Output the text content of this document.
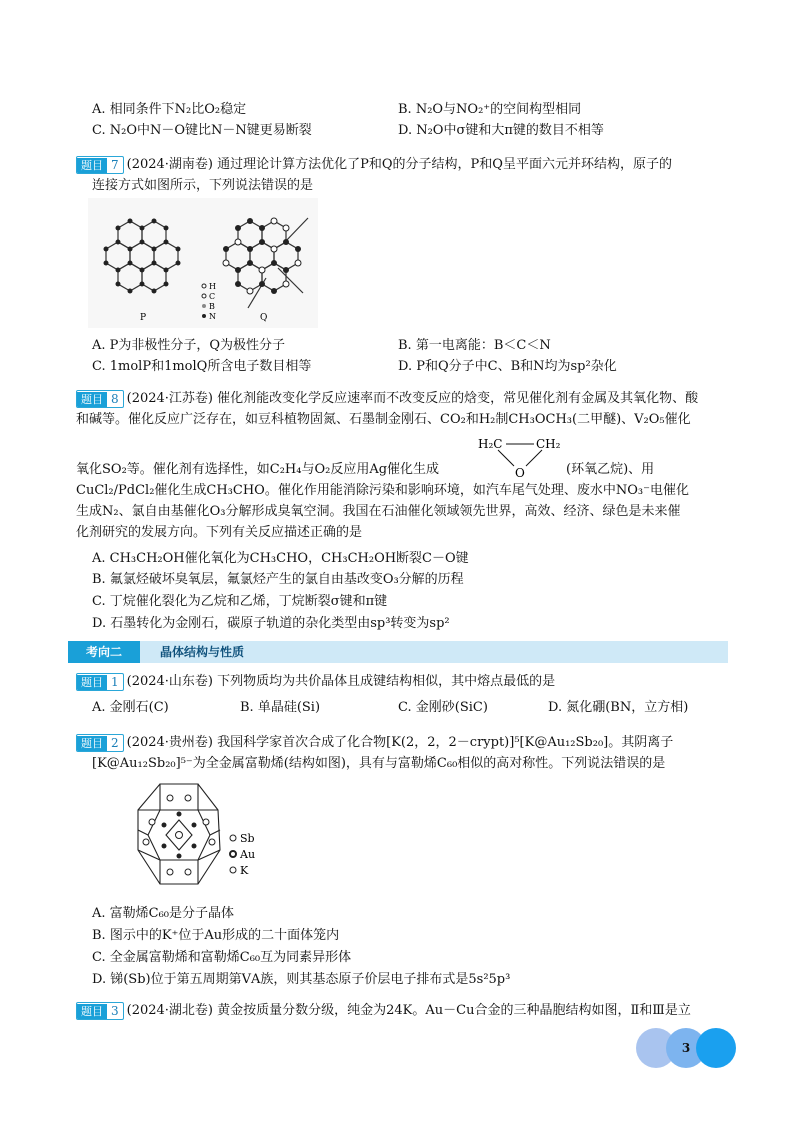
A. 相同条件下N₂比O₂稳定	B. N₂O与NO₂⁺的空间构型相同
C. N₂O中N－O键比N－N键更易断裂	D. N₂O中σ键和大π键的数目不相等
题目 7 (2024·湖南卷) 通过理论计算方法优化了P和Q的分子结构，P和Q呈平面六元并环结构，原子的
连接方式如图所示，下列说法错误的是
H
C
B
N
P	Q
A. P为非极性分子，Q为极性分子	B. 第一电离能：B＜C＜N
C. 1molP和1molQ所含电子数目相等	D. P和Q分子中C、B和N均为sp²杂化
题目 8 (2024·江苏卷) 催化剂能改变化学反应速率而不改变反应的焓变，常见催化剂有金属及其氧化物、酸
和碱等。催化反应广泛存在，如豆科植物固氮、石墨制金刚石、CO₂和H₂制CH₃OCH₃(二甲醚)、V₂O₅催化
H₂C	CH₂
O
氧化SO₂等。催化剂有选择性，如C₂H₄与O₂反应用Ag催化生成	(环氧乙烷)、用
CuCl₂/PdCl₂催化生成CH₃CHO。催化作用能消除污染和影响环境，如汽车尾气处理、废水中NO₃⁻电催化
生成N₂、氯自由基催化O₃分解形成臭氧空洞。我国在石油催化领域领先世界，高效、经济、绿色是未来催
化剂研究的发展方向。下列有关反应描述正确的是
A. CH₃CH₂OH催化氧化为CH₃CHO，CH₃CH₂OH断裂C－O键
B. 氟氯烃破坏臭氧层，氟氯烃产生的氯自由基改变O₃分解的历程
C. 丁烷催化裂化为乙烷和乙烯，丁烷断裂σ键和π键
D. 石墨转化为金刚石，碳原子轨道的杂化类型由sp³转变为sp²
考向二	晶体结构与性质
题目 1 (2024·山东卷) 下列物质均为共价晶体且成键结构相似，其中熔点最低的是
A. 金刚石(C)	B. 单晶硅(Si)	C. 金刚砂(SiC)	D. 氮化硼(BN，立方相)
题目 2 (2024·贵州卷) 我国科学家首次合成了化合物[K(2，2，2－crypt)]⁵[K@Au₁₂Sb₂₀]。其阴离子
[K@Au₁₂Sb₂₀]⁵⁻为全金属富勒烯(结构如图)，具有与富勒烯C₆₀相似的高对称性。下列说法错误的是
Sb
Au
K
A. 富勒烯C₆₀是分子晶体
B. 图示中的K⁺位于Au形成的二十面体笼内
C. 全金属富勒烯和富勒烯C₆₀互为同素异形体
D. 锑(Sb)位于第五周期第ⅤA族，则其基态原子价层电子排布式是5s²5p³
题目 3 (2024·湖北卷) 黄金按质量分数分级，纯金为24K。Au－Cu合金的三种晶胞结构如图，Ⅱ和Ⅲ是立
3
